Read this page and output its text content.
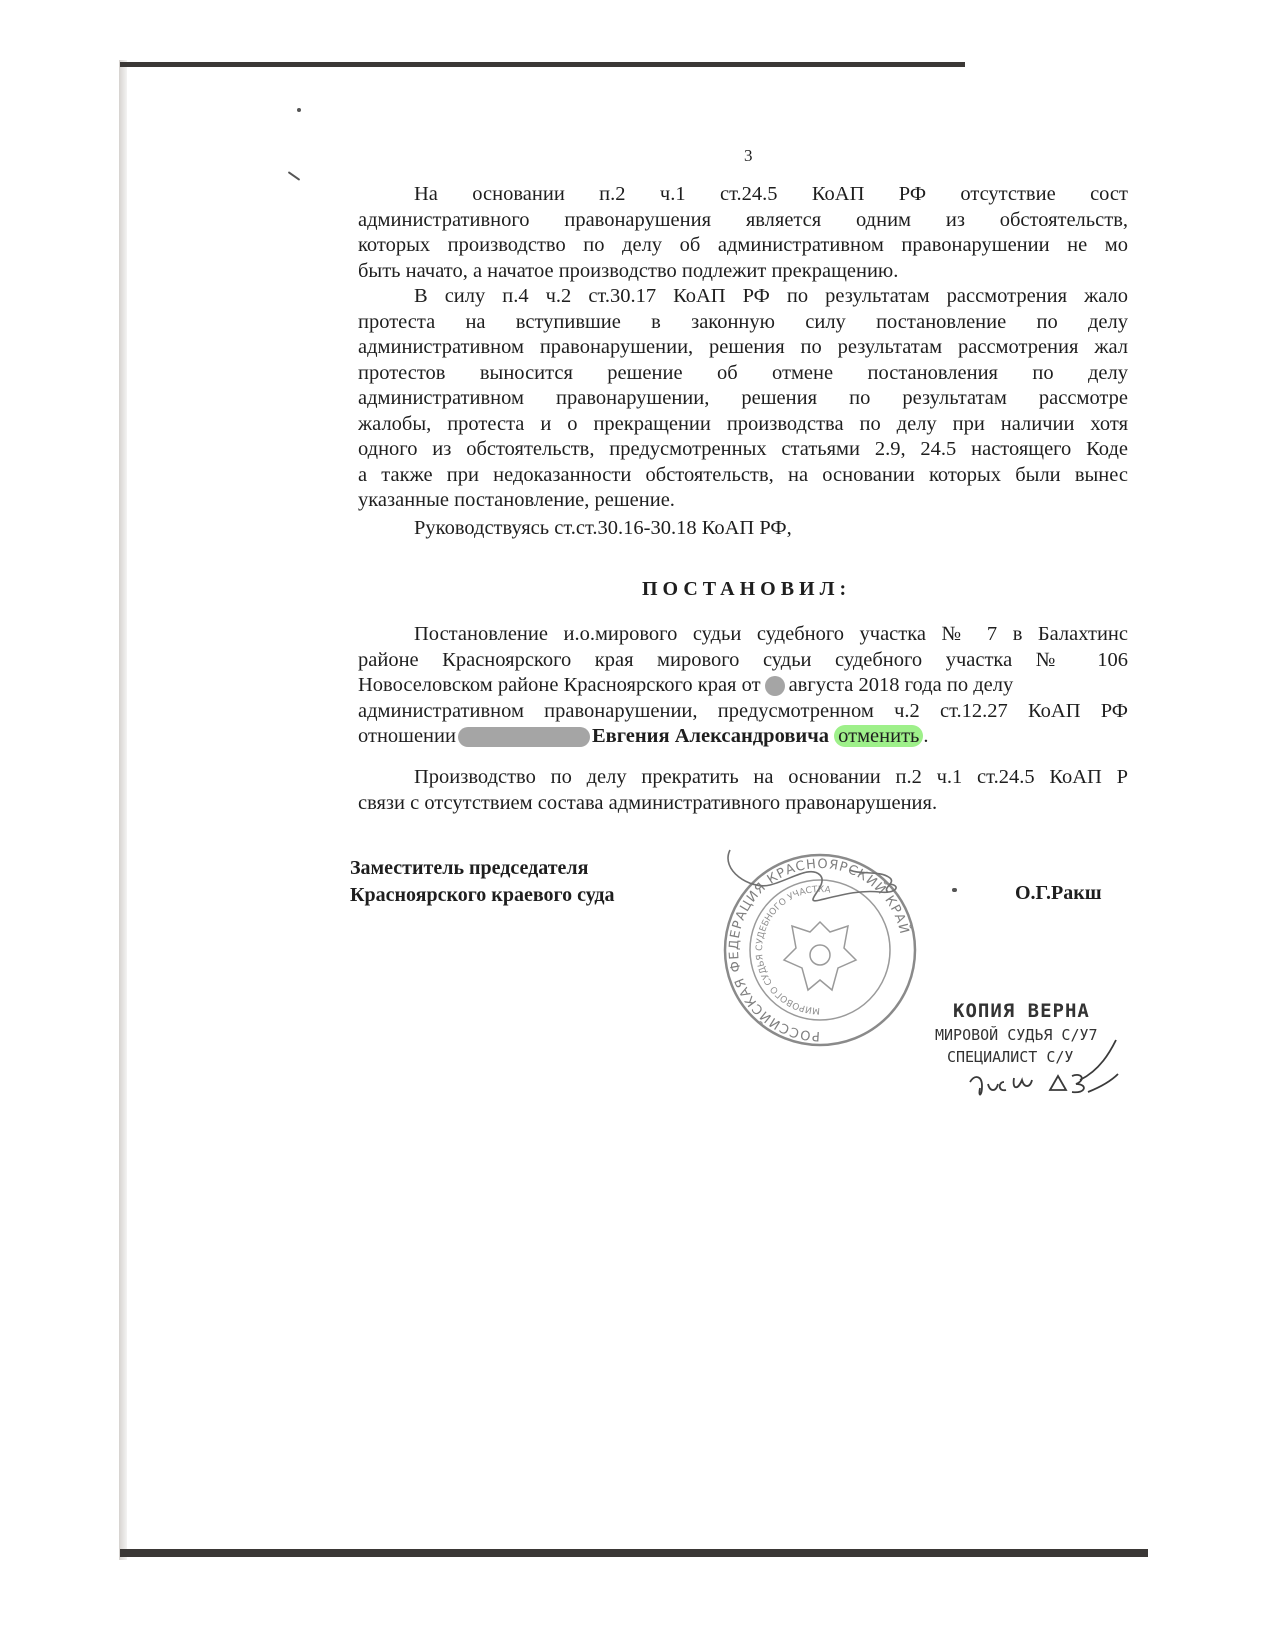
3
На основании п.2 ч.1 ст.24.5 КоАП РФ отсутствие сост
административного правонарушения является одним из обстоятельств,
которых производство по делу об административном правонарушении не мо
быть начато, а начатое производство подлежит прекращению.
В силу п.4 ч.2 ст.30.17 КоАП РФ по результатам рассмотрения жало
протеста на вступившие в законную силу постановление по делу
административном правонарушении, решения по результатам рассмотрения жал
протестов выносится решение об отмене постановления по делу
административном правонарушении, решения по результатам рассмотре
жалобы, протеста и о прекращении производства по делу при наличии хотя
одного из обстоятельств, предусмотренных статьями 2.9, 24.5 настоящего Коде
а также при недоказанности обстоятельств, на основании которых были вынес
указанные постановление, решение.
Руководствуясь ст.ст.30.16-30.18 КоАП РФ,
ПОСТАНОВИЛ:
Постановление и.о.мирового судьи судебного участка № 7 в Балахтинс
районе Красноярского края мирового судьи судебного участка № 106
Новоселовском районе Красноярского края от августа 2018 года по делу
административном правонарушении, предусмотренном ч.2 ст.12.27 КоАП РФ
отношении	Евгения Александровича отменить .
Производство по делу прекратить на основании п.2 ч.1 ст.24.5 КоАП Р
связи с отсутствием состава административного правонарушения.
Заместитель председателя
Красноярского краевого суда	О.Г.Ракш
РОССИЙСКАЯ ФЕДЕРАЦИЯ КРАСНОЯРСКИЙ КРАЙ
МИРОВОГО СУДЬЯ СУДЕБНОГО УЧАСТКА
КОПИЯ ВЕРНА
МИРОВОЙ СУДЬЯ С/У7
СПЕЦИАЛИСТ С/У
